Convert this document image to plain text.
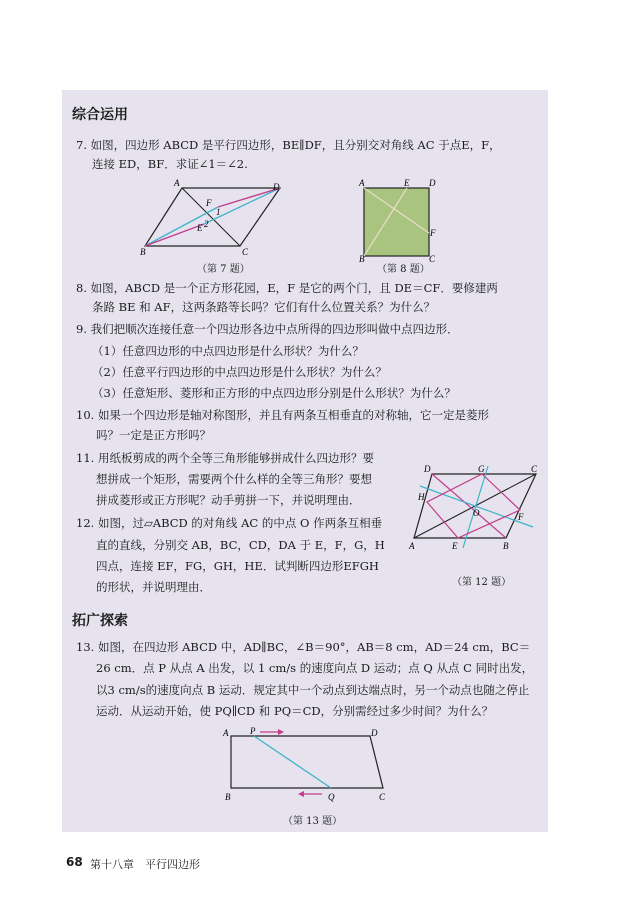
综合运用
7. 如图，四边形 ABCD 是平行四边形，BE∥DF，且分别交对角线 AC 于点E，F，
连接 ED，BF．求证∠1＝∠2.
A
B	C
D
E
F
1
2
（第 7 题）
A
B	C
D
E
F
（第 8 题）
8. 如图，ABCD 是一个正方形花园，E，F 是它的两个门，且 DE＝CF．要修建两
条路 BE 和 AF，这两条路等长吗？它们有什么位置关系？为什么？
9. 我们把顺次连接任意一个四边形各边中点所得的四边形叫做中点四边形．
（1）任意四边形的中点四边形是什么形状？为什么？
（2）任意平行四边形的中点四边形是什么形状？为什么？
（3）任意矩形、菱形和正方形的中点四边形分别是什么形状？为什么？
10. 如果一个四边形是轴对称图形，并且有两条互相垂直的对称轴，它一定是菱形
吗？一定是正方形吗？
11. 用纸板剪成的两个全等三角形能够拼成什么四边形？要
想拼成一个矩形，需要两个什么样的全等三角形？要想
拼成菱形或正方形呢？动手剪拼一下，并说明理由．
D	G	C
H
O	F
A	E	B
（第 12 题）
12. 如图，过▱ABCD 的对角线 AC 的中点 O 作两条互相垂
直的直线，分别交 AB，BC，CD，DA 于 E，F，G，H
四点，连接 EF，FG，GH，HE．试判断四边形EFGH
的形状，并说明理由．
拓广探索
13. 如图，在四边形 ABCD 中，AD∥BC，∠B＝90°，AB＝8 cm，AD＝24 cm，BC＝
26 cm．点 P 从点 A 出发，以 1 cm/s 的速度向点 D 运动；点 Q 从点 C 同时出发，
以3 cm/s的速度向点 B 运动．规定其中一个动点到达端点时，另一个动点也随之停止
运动．从运动开始，使 PQ∥CD 和 PQ＝CD，分别需经过多少时间？为什么？
A P	D
B	Q	C
（第 13 题）
68 第十八章　平行四边形
